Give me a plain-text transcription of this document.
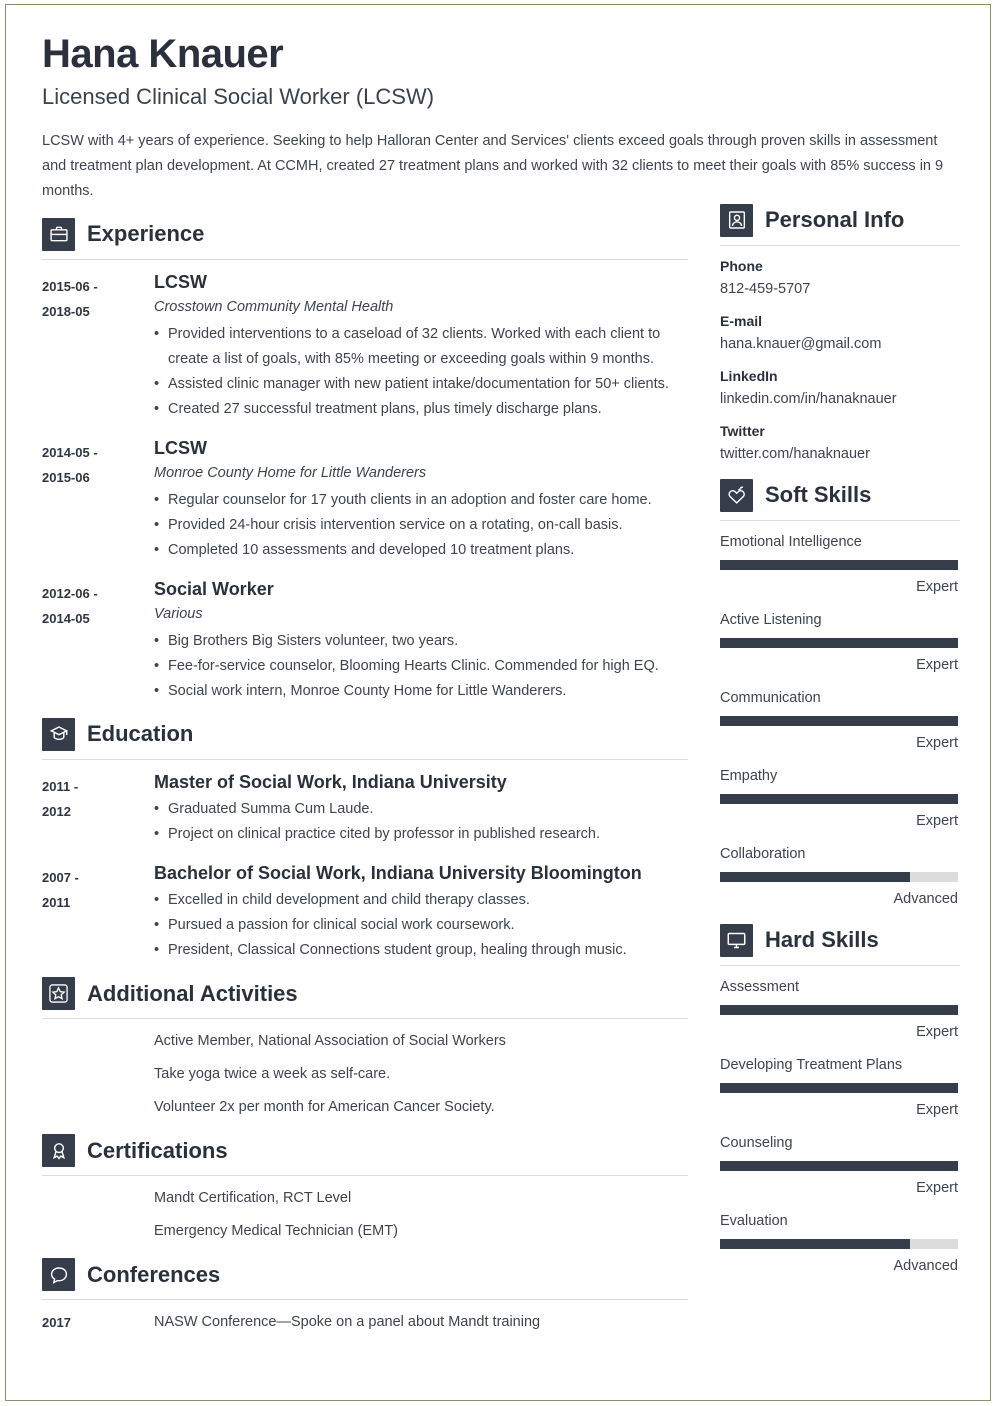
Hana Knauer
Licensed Clinical Social Worker (LCSW)

LCSW with 4+ years of experience. Seeking to help Halloran Center and Services' clients exceed goals through proven skills in assessment and treatment plan development. At CCMH, created 27 treatment plans and worked with 32 clients to meet their goals with 85% success in 9 months.

Experience
2015-06 -
2018-05
LCSW
Crosstown Community Mental Health
• Provided interventions to a caseload of 32 clients. Worked with each client to create a list of goals, with 85% meeting or exceeding goals within 9 months.
• Assisted clinic manager with new patient intake/documentation for 50+ clients.
• Created 27 successful treatment plans, plus timely discharge plans.
2014-05 -
2015-06
LCSW
Monroe County Home for Little Wanderers
• Regular counselor for 17 youth clients in an adoption and foster care home.
• Provided 24-hour crisis intervention service on a rotating, on-call basis.
• Completed 10 assessments and developed 10 treatment plans.
2012-06 -
2014-05
Social Worker
Various
• Big Brothers Big Sisters volunteer, two years.
• Fee-for-service counselor, Blooming Hearts Clinic. Commended for high EQ.
• Social work intern, Monroe County Home for Little Wanderers.
Education
2011 -
2012
Master of Social Work, Indiana University
• Graduated Summa Cum Laude.
• Project on clinical practice cited by professor in published research.
2007 -
2011
Bachelor of Social Work, Indiana University Bloomington
• Excelled in child development and child therapy classes.
• Pursued a passion for clinical social work coursework.
• President, Classical Connections student group, healing through music.
Additional Activities
Active Member, National Association of Social Workers
Take yoga twice a week as self-care.
Volunteer 2x per month for American Cancer Society.
Certifications
Mandt Certification, RCT Level
Emergency Medical Technician (EMT)
Conferences
2017	NASW Conference—Spoke on a panel about Mandt training
Personal Info
Phone
812-459-5707
E-mail
hana.knauer@gmail.com
LinkedIn
linkedin.com/in/hanaknauer
Twitter
twitter.com/hanaknauer
Soft Skills
Emotional Intelligence
Expert
Active Listening
Expert
Communication
Expert
Empathy
Expert
Collaboration
Advanced
Hard Skills
Assessment
Expert
Developing Treatment Plans
Expert
Counseling
Expert
Evaluation
Advanced
